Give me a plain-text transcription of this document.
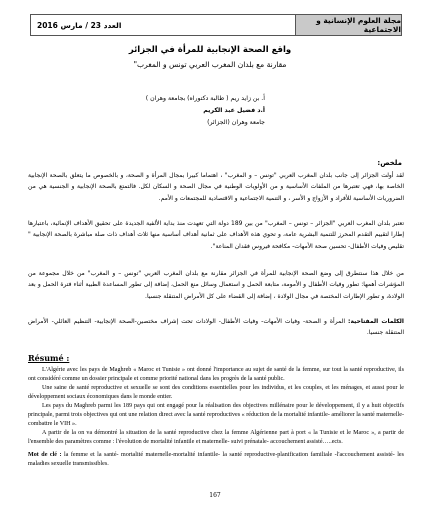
العدد 23 / مارس 2016	مجلة العلوم الإنسانية و الاجتماعية
واقع الصحة الإنجابية للمرأة في الجزائر
مقارنة مع بلدان المغرب العربي تونس و المغرب"
أ. بن زايد ريم ( طالبة دكتوراه) بجامعة وهران )
أ.د فضيل عبد الكريم
جامعة وهران (الجزائر)
ملخص:
لقد أولت الجزائر إلى جانب بلدان المغرب العربي "تونس – و المغرب" ، اهتماما كبيرا بمجال المرأة و الصحة، و بالخصوص ما يتعلق بالصحة الإنجابية الخاصة بها، فهي تعتبرها من الملفات الأساسية و من الأولويات الوطنية في مجال الصحة و السكان لكل. فالتمتع بالصحة الإنجابية و الجنسية هي من الضروريات الأساسية للأفراد و الأزواج و الأسر ، و التنمية الاجتماعية و الاقتصادية للمجتمعات و الأمم.
تعتبر بلدان المغرب العربي "الجزائر – تونس – المغرب" من بين 189 دولة التي تعهدت منذ بداية الألفية الجديدة على تحقيق الأهداف الإنمائية، باعتبارها إطارا لتقييم التقدم المحرز للتنمية البشرية عامة، و تحوي هذه الأهداف على ثمانية أهداف أساسية منها ثلاث أهداف ذات صلة مباشرة بالصحة الإنجابية " تقليص وفيات الأطفال- تحسين صحة الأمهات- مكافحة فيروس فقدان المناعة".
من خلال هذا سنتطرق إلى وضع الصحة الإنجابية للمرأة في الجزائر مقارنة مع بلدان المغرب العربي "تونس – و المغرب" من خلال مجموعة من المؤشرات أهمها: تطور وفيات الأطفال و الأمومة، متابعة الحمل و استعمال وسائل منع الحمل، إضافة إلى تطور المساعدة الطبية أثناء فترة الحمل و بعد الولادة، و تطور الإطارات المختصة في مجال الولادة ، إضافة إلى القضاء على كل الأمراض المتنقلة جنسيا.
الكلمات المفتاحية: المرأة و الصحة- وفيات الأمهات- وفيات الأطفال- الولادات تحت إشراف مختصين-الصحة الإنجابية- التنظيم العائلي- الأمراض المتنقلة جنسيا.
Résumé :

L'Algérie avec les pays de Maghreb « Maroc et Tunisie » ont donné l'importance au sujet de santé de la femme, sur tout la santé reproductive, ils ont considéré comme un dossier principale et comme priorité national dans les progrès de la santé public.

Une saine de santé reproductive et sexuelle se sont des conditions essentielles pour les individus, et les couples, et les ménages, et aussi pour le développement sociaux économiques dans le monde entier.

Les pays du Maghreb parmi les 189 pays qui ont engagé pour la réalisation des objectives millénaire pour le développement, il y a huit objectifs principale, parmi trois objectives qui ont une relation direct avec la santé reproductives « réduction de la mortalité infantile- améliorer la santé maternelle- combattre le VIH ».

A partir de la on va démontré la situation de la santé reproductive chez la femme Algérienne part à port « la Tunisie et le Maroc », a partir de l'ensemble des paramètres comme : l'évolution de mortalité infantile et maternelle- suivi prénatale- accouchement assisté…..ects.

Mot de clé : la femme et la santé- mortalité maternelle-mortalité infantile- la santé reproductive-planification familiale -l'accouchement assisté- les maladies sexuelle transmissibles.
167
